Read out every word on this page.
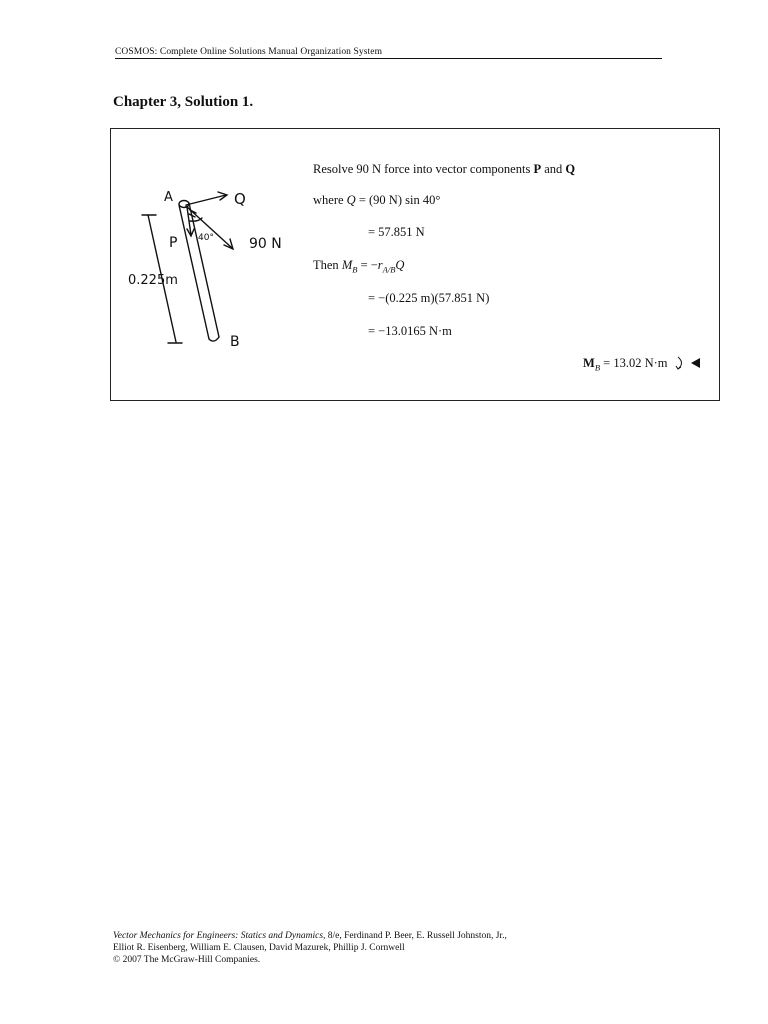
COSMOS: Complete Online Solutions Manual Organization System
Chapter 3, Solution 1.
A	Q
P 40°	90 N
0.225m
B
Resolve 90 N force into vector components P and Q
where Q = (90 N) sin 40°
= 57.851 N
Then $M_B = -r_{A/B}Q$
= −(0.225 m)(57.851 N)
= −13.0165 N·m
$M_B = 13.02$ N·m
Vector Mechanics for Engineers: Statics and Dynamics, 8/e, Ferdinand P. Beer, E. Russell Johnston, Jr.,
Elliot R. Eisenberg, William E. Clausen, David Mazurek, Phillip J. Cornwell
© 2007 The McGraw-Hill Companies.
